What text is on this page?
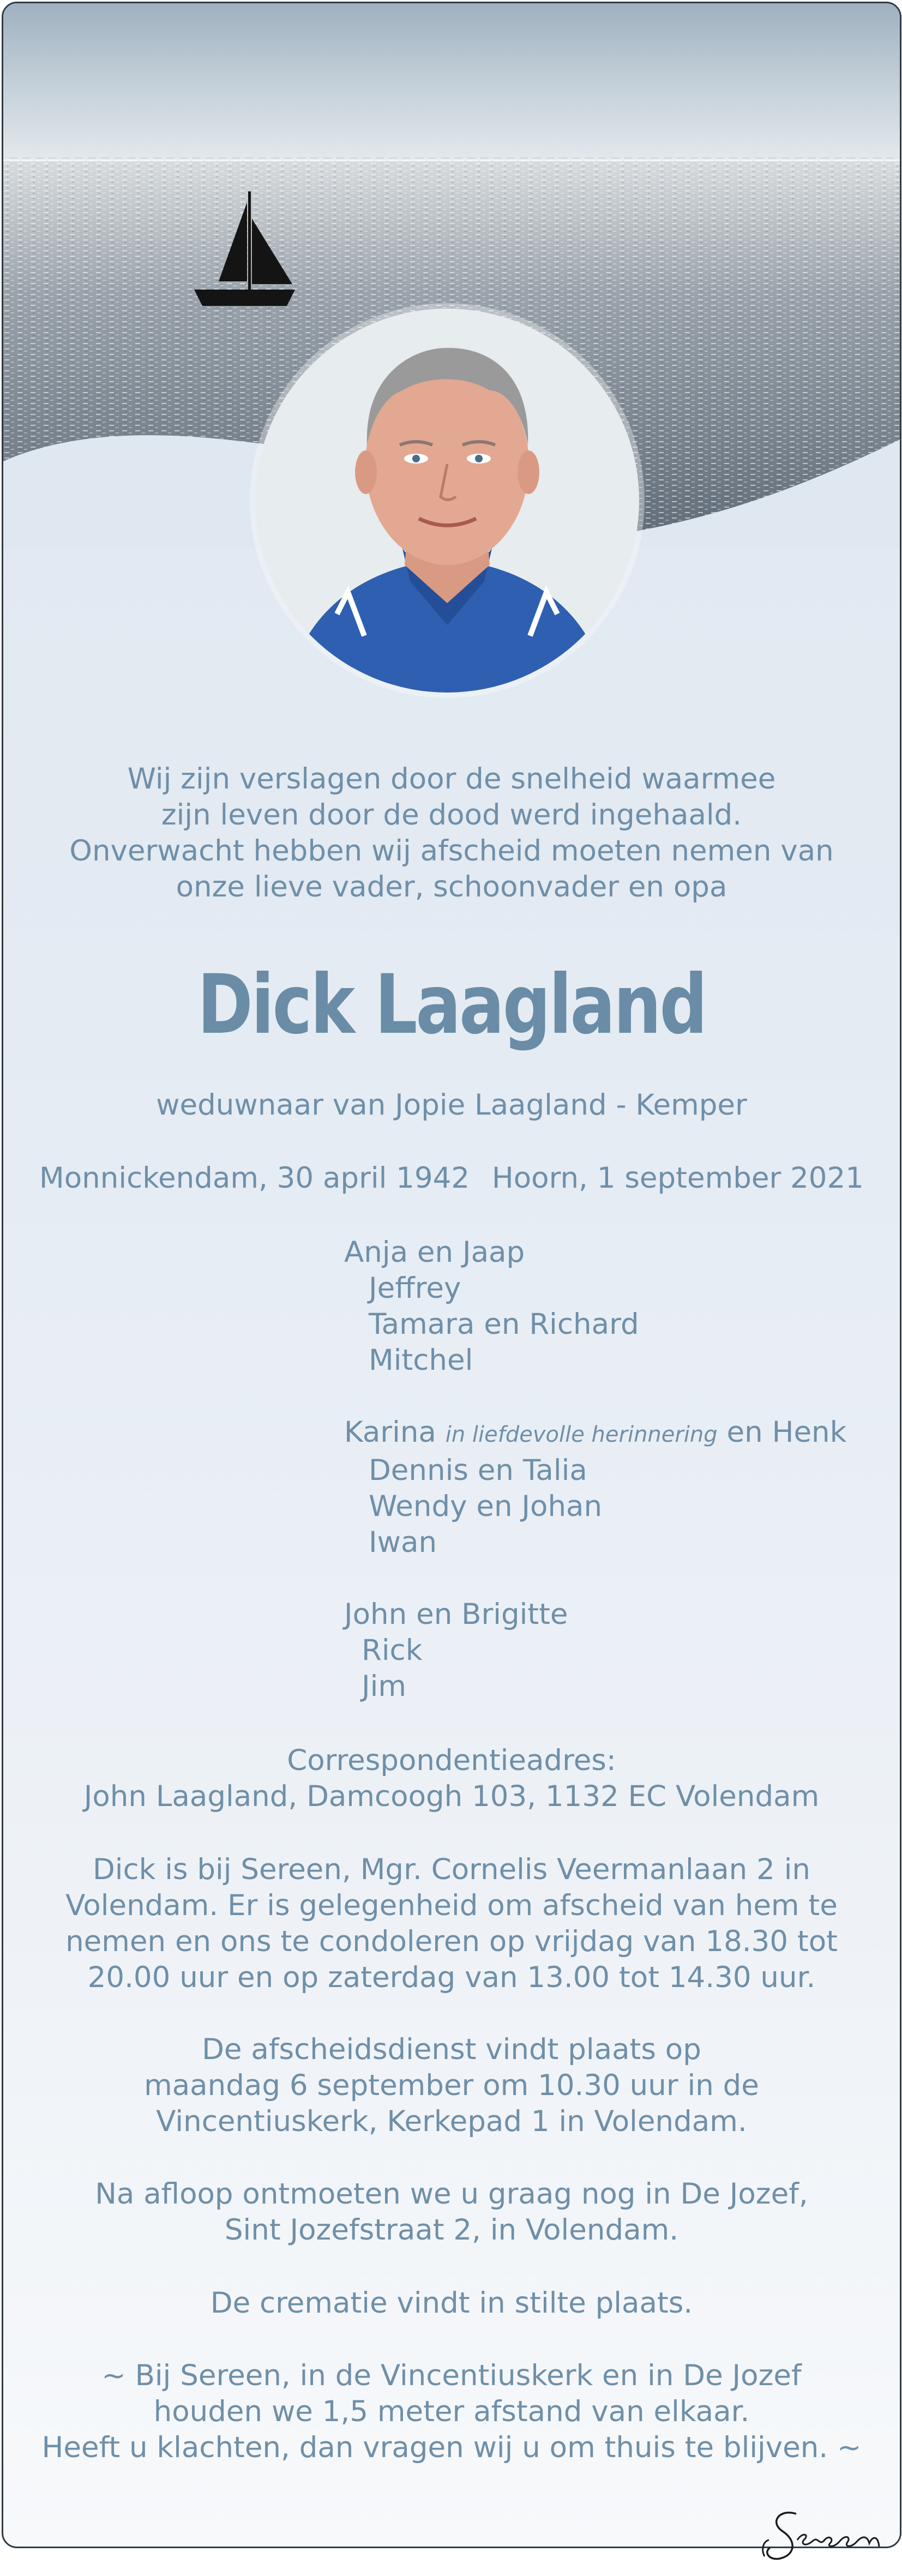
Wij zijn verslagen door de snelheid waarmee
zijn leven door de dood werd ingehaald.
Onverwacht hebben wij afscheid moeten nemen van
onze lieve vader, schoonvader en opa
Dick Laagland
weduwnaar van Jopie Laagland - Kemper
Monnickendam, 30 april 1942 Hoorn, 1 september 2021
Anja en Jaap
Jeffrey
Tamara en Richard
Mitchel
Karina in liefdevolle herinnering en Henk
Dennis en Talia
Wendy en Johan
Iwan
John en Brigitte
Rick
Jim
Correspondentieadres:
John Laagland, Damcoogh 103, 1132 EC Volendam
Dick is bij Sereen, Mgr. Cornelis Veermanlaan 2 in
Volendam. Er is gelegenheid om afscheid van hem te
nemen en ons te condoleren op vrijdag van 18.30 tot
20.00 uur en op zaterdag van 13.00 tot 14.30 uur.
De afscheidsdienst vindt plaats op
maandag 6 september om 10.30 uur in de
Vincentiuskerk, Kerkepad 1 in Volendam.
Na afloop ontmoeten we u graag nog in De Jozef,
Sint Jozefstraat 2, in Volendam.
De crematie vindt in stilte plaats.
~ Bij Sereen, in de Vincentiuskerk en in De Jozef
houden we 1,5 meter afstand van elkaar.
Heeft u klachten, dan vragen wij u om thuis te blijven. ~
